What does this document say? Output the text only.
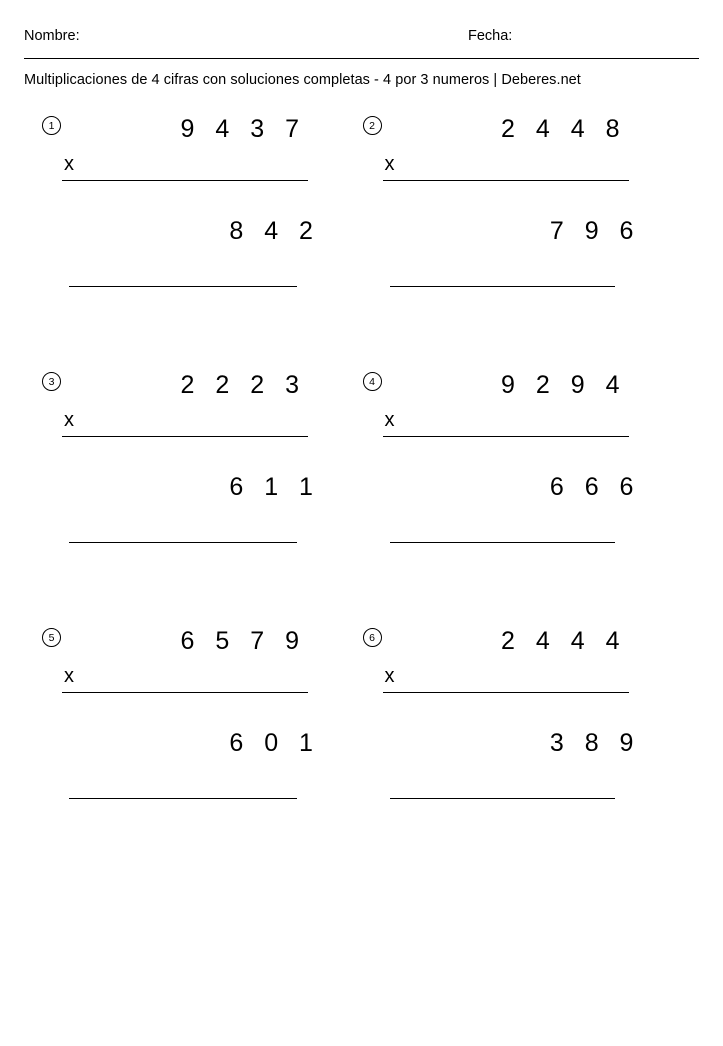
Nombre:	Fecha:
Multiplicaciones de 4 cifras con soluciones completas - 4 por 3 numeros | Deberes.net
1	9 4 3 7

x

8 4 2

2	2 4 4 8

x

7 9 6

3	2 2 2 3

x

6 1 1

4	9 2 9 4

x

6 6 6

5	6 5 7 9

x

6 0 1

6	2 4 4 4

x

3 8 9
